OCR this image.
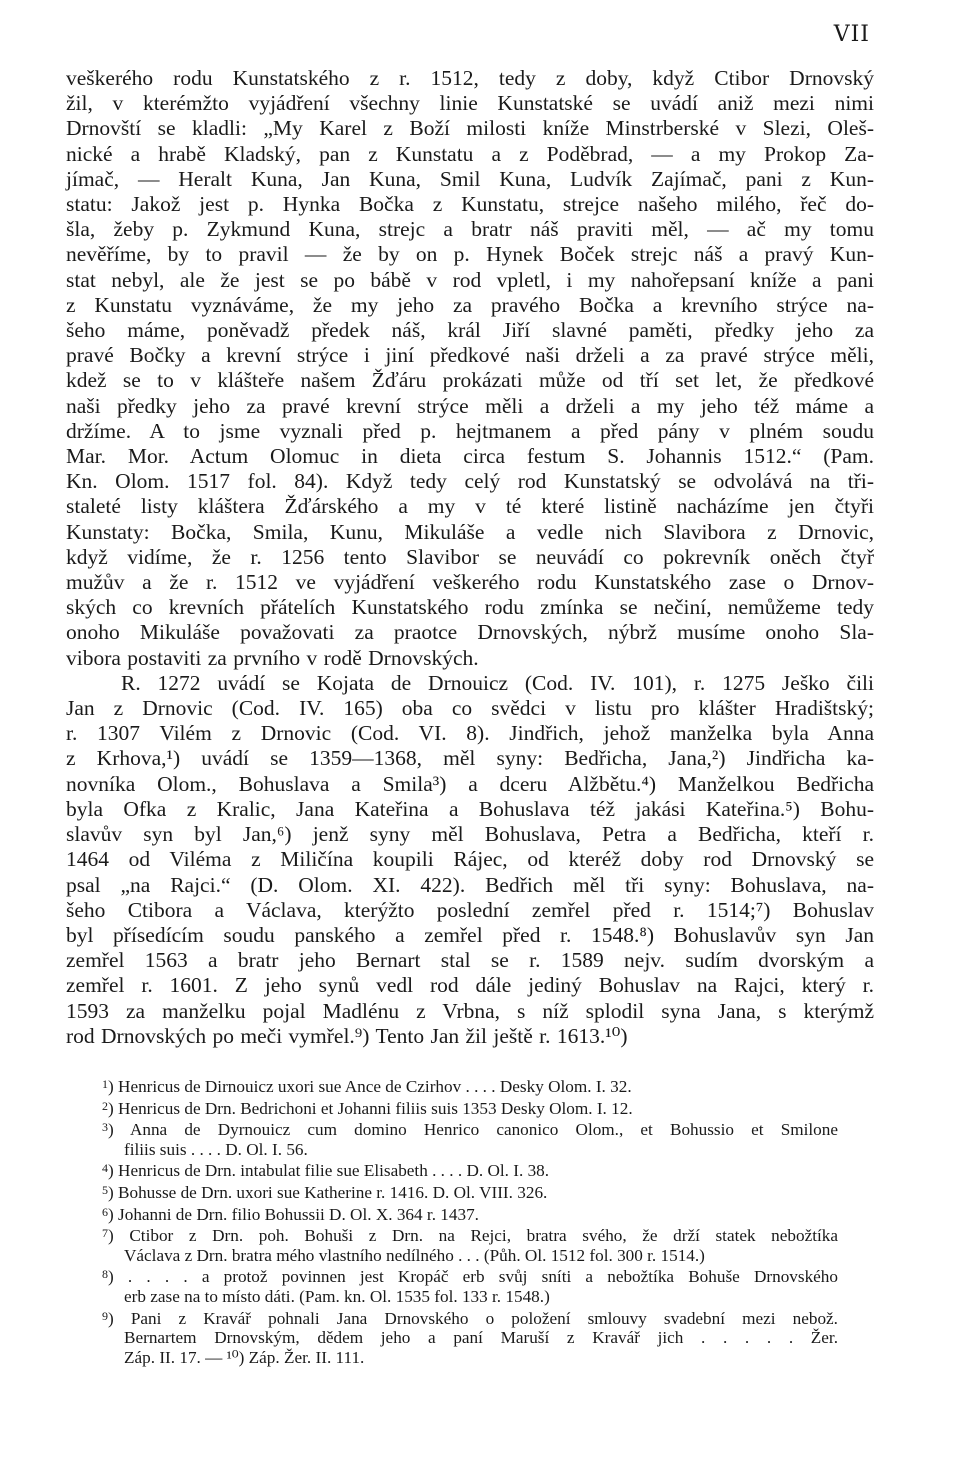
VII
veškerého rodu Kunstatského z r. 1512, tedy z doby, když Ctibor Drnovský
žil, v kterémžto vyjádření všechny linie Kunstatské se uvádí aniž mezi nimi
Drnovští se kladli: „My Karel z Boží milosti kníže Minstrberské v Slezi, Oleš-
nické a hrabě Kladský, pan z Kunstatu a z Poděbrad, — a my Prokop Za-
jímač, — Heralt Kuna, Jan Kuna, Smil Kuna, Ludvík Zajímač, pani z Kun-
statu: Jakož jest p. Hynka Bočka z Kunstatu, strejce našeho milého, řeč do-
šla, žeby p. Zykmund Kuna, strejc a bratr náš praviti měl, — ač my tomu
nevěříme, by to pravil — že by on p. Hynek Boček strejc náš a pravý Kun-
stat nebyl, ale že jest se po bábě v rod vpletl, i my nahořepsaní kníže a pani
z Kunstatu vyznáváme, že my jeho za pravého Bočka a krevního strýce na-
šeho máme, poněvadž předek náš, král Jiří slavné paměti, předky jeho za
pravé Bočky a krevní strýce i jiní předkové naši drželi a za pravé strýce měli,
kdež se to v klášteře našem Žďáru prokázati může od tří set let, že předkové
naši předky jeho za pravé krevní strýce měli a drželi a my jeho též máme a
držíme. A to jsme vyznali před p. hejtmanem a před pány v plném soudu
Mar. Mor. Actum Olomuc in dieta circa festum S. Johannis 1512.“ (Pam.
Kn. Olom. 1517 fol. 84). Když tedy celý rod Kunstatský se odvolává na tři-
staleté listy kláštera Žďárského a my v té které listině nacházíme jen čtyři
Kunstaty: Bočka, Smila, Kunu, Mikuláše a vedle nich Slavibora z Drnovic,
když vidíme, že r. 1256 tento Slavibor se neuvádí co pokrevník oněch čtyř
mužův a že r. 1512 ve vyjádření veškerého rodu Kunstatského zase o Drnov-
ských co krevních přátelích Kunstatského rodu zmínka se nečiní, nemůžeme tedy
onoho Mikuláše považovati za praotce Drnovských, nýbrž musíme onoho Sla-
vibora postaviti za prvního v rodě Drnovských.
R. 1272 uvádí se Kojata de Drnouicz (Cod. IV. 101), r. 1275 Ješko čili
Jan z Drnovic (Cod. IV. 165) oba co svědci v listu pro klášter Hradištský;
r. 1307 Vilém z Drnovic (Cod. VI. 8). Jindřich, jehož manželka byla Anna
z Krhova,¹) uvádí se 1359—1368, měl syny: Bedřicha, Jana,²) Jindřicha ka-
novníka Olom., Bohuslava a Smila³) a dceru Alžbětu.⁴) Manželkou Bedřicha
byla Ofka z Kralic, Jana Kateřina a Bohuslava též jakási Kateřina.⁵) Bohu-
slavův syn byl Jan,⁶) jenž syny měl Bohuslava, Petra a Bedřicha, kteří r.
1464 od Viléma z Miličína koupili Rájec, od kteréž doby rod Drnovský se
psal „na Rajci.“ (D. Olom. XI. 422). Bedřich měl tři syny: Bohuslava, na-
šeho Ctibora a Václava, kterýžto poslední zemřel před r. 1514;⁷) Bohuslav
byl přísedícím soudu panského a zemřel před r. 1548.⁸) Bohuslavův syn Jan
zemřel 1563 a bratr jeho Bernart stal se r. 1589 nejv. sudím dvorským a
zemřel r. 1601. Z jeho synů vedl rod dále jediný Bohuslav na Rajci, který r.
1593 za manželku pojal Madlénu z Vrbna, s níž splodil syna Jana, s kterýmž
rod Drnovských po meči vymřel.⁹) Tento Jan žil ještě r. 1613.¹⁰)
$^1$) Henricus de Dirnouicz uxori sue Ance de Czirhov . . . . Desky Olom. I. 32.
$^2$) Henricus de Drn. Bedrichoni et Johanni filiis suis 1353 Desky Olom. I. 12.
$^3$) Anna de Dyrnouicz cum domino Henrico canonico Olom., et Bohussio et Smilone
filiis suis . . . . D. Ol. I. 56.
$^4$) Henricus de Drn. intabulat filie sue Elisabeth . . . . D. Ol. I. 38.
$^5$) Bohusse de Drn. uxori sue Katherine r. 1416. D. Ol. VIII. 326.
$^6$) Johanni de Drn. filio Bohussii D. Ol. X. 364 r. 1437.
$^7$) Ctibor z Drn. poh. Bohuši z Drn. na Rejci, bratra svého, že drží statek nebožtíka
Václava z Drn. bratra mého vlastního nedílného . . . (Půh. Ol. 1512 fol. 300 r. 1514.)
$^8$) . . . . a protož povinnen jest Kropáč erb svůj sníti a nebožtíka Bohuše Drnovského
erb zase na to místo dáti. (Pam. kn. Ol. 1535 fol. 133 r. 1548.)
$^9$) Pani z Kravář pohnali Jana Drnovského o položení smlouvy svadební mezi nebož.
Bernartem Drnovským, dědem jeho a paní Maruší z Kravář jich . . . . . Žer.
Záp. II. 17. — ¹⁰) Záp. Žer. II. 111.
